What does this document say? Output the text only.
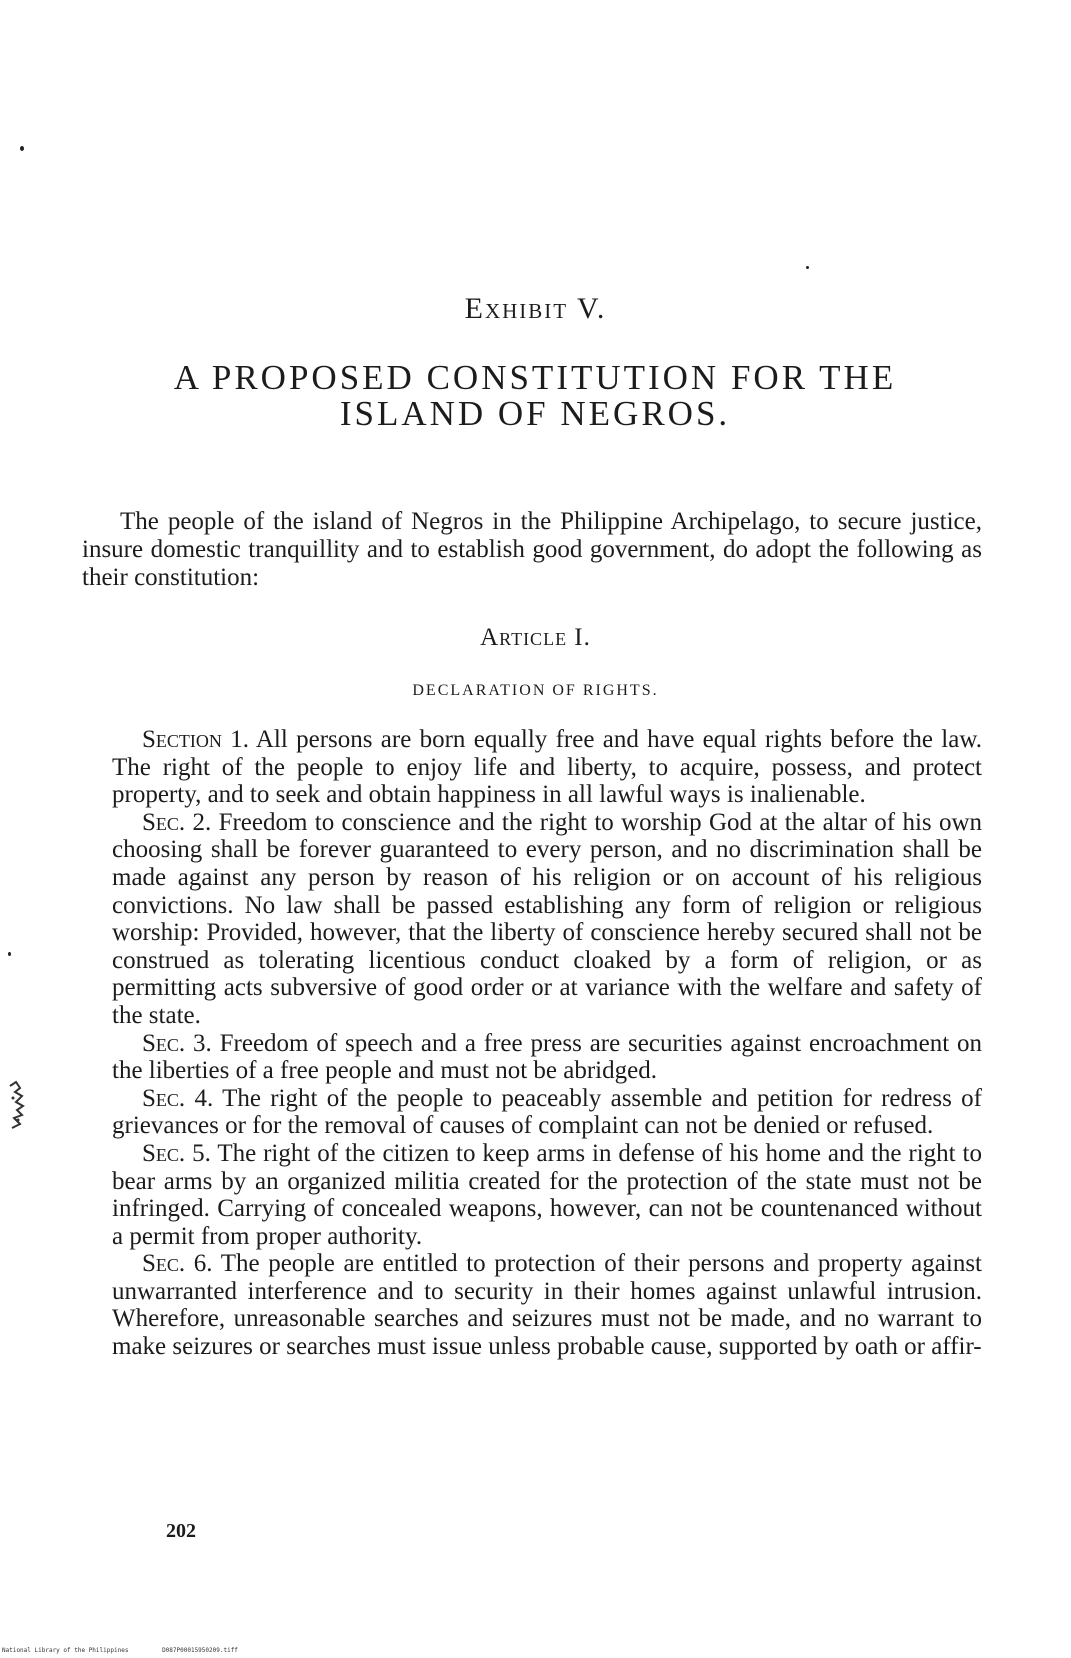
Exhibit V.
A PROPOSED CONSTITUTION FOR THE
ISLAND OF NEGROS.

The people of the island of Negros in the Philippine Archipelago, to secure justice, insure domestic tranquillity and to establish good government, do adopt the following as their constitution:

Article I.
DECLARATION OF RIGHTS.

Section 1. All persons are born equally free and have equal rights before the law. The right of the people to enjoy life and liberty, to acquire, possess, and protect property, and to seek and obtain happiness in all lawful ways is inalienable.

Sec. 2. Freedom to conscience and the right to worship God at the altar of his own choosing shall be forever guaranteed to every person, and no discrimination shall be made against any person by reason of his religion or on account of his religious convictions. No law shall be passed establishing any form of religion or religious worship: Provided, however, that the liberty of conscience hereby secured shall not be construed as tolerating licentious conduct cloaked by a form of religion, or as permitting acts subversive of good order or at variance with the welfare and safety of the state.

Sec. 3. Freedom of speech and a free press are securities against encroachment on the liberties of a free people and must not be abridged.

Sec. 4. The right of the people to peaceably assemble and petition for redress of grievances or for the removal of causes of complaint can not be denied or refused.

Sec. 5. The right of the citizen to keep arms in defense of his home and the right to bear arms by an organized militia created for the protection of the state must not be infringed. Carrying of concealed weapons, however, can not be countenanced without a permit from proper authority.

Sec. 6. The people are entitled to protection of their persons and property against unwarranted interference and to security in their homes against unlawful intrusion. Wherefore, unreasonable searches and seizures must not be made, and no warrant to make seizures or searches must issue unless probable cause, supported by oath or affir-

202
National Library of the Philippines	D087P00015950209.tiff
